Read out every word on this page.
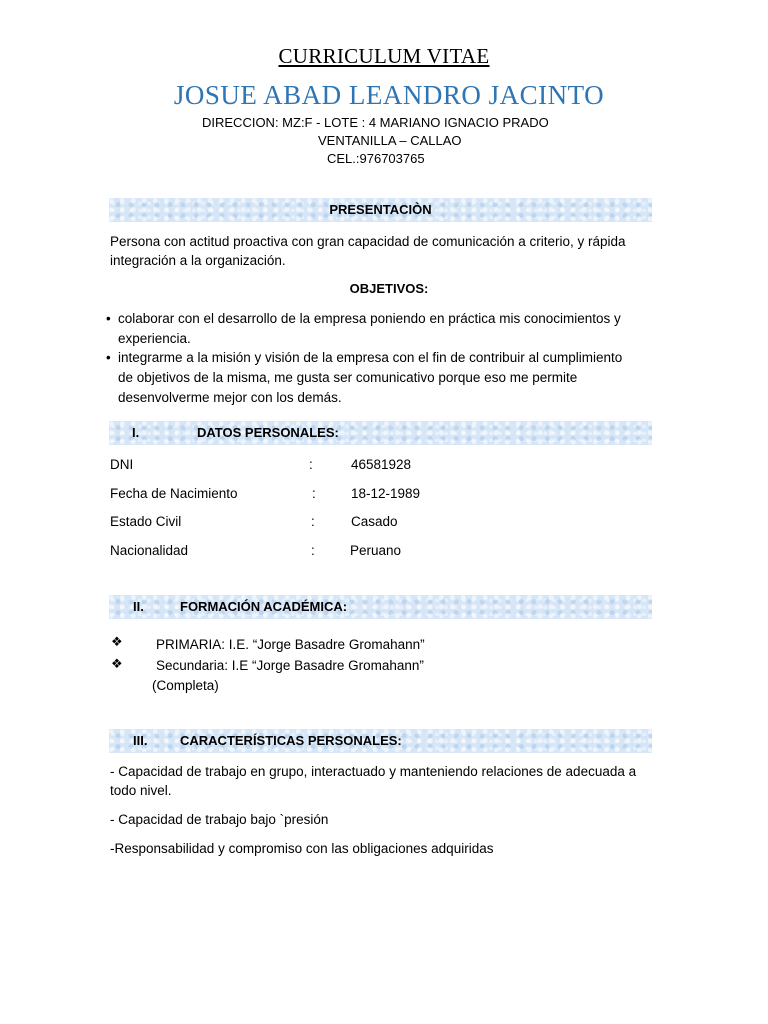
CURRICULUM VITAE
JOSUE ABAD LEANDRO JACINTO
DIRECCION: MZ:F - LOTE : 4 MARIANO IGNACIO PRADO
VENTANILLA – CALLAO
CEL.:976703765
PRESENTACIÒN
Persona con actitud proactiva con gran capacidad de comunicación a criterio, y rápida
integración a la organización.
OBJETIVOS:
• colaborar con el desarrollo de la empresa poniendo en práctica mis conocimientos y
experiencia.
• integrarme a la misión y visión de la empresa con el fin de contribuir al cumplimiento
de objetivos de la misma, me gusta ser comunicativo porque eso me permite
desenvolverme mejor con los demás.
I.	DATOS PERSONALES:
DNI	:	46581928
Fecha de Nacimiento	:	18-12-1989
Estado Civil	:	Casado
Nacionalidad	:	Peruano
II.	FORMACIÓN ACADÉMICA:
❖ PRIMARIA: I.E. “Jorge Basadre Gromahann”
❖ Secundaria: I.E “Jorge Basadre Gromahann”
(Completa)
III.	CARACTERÍSTICAS PERSONALES:
- Capacidad de trabajo en grupo, interactuado y manteniendo relaciones de adecuada a
todo nivel.
- Capacidad de trabajo bajo `presión
-Responsabilidad y compromiso con las obligaciones adquiridas
